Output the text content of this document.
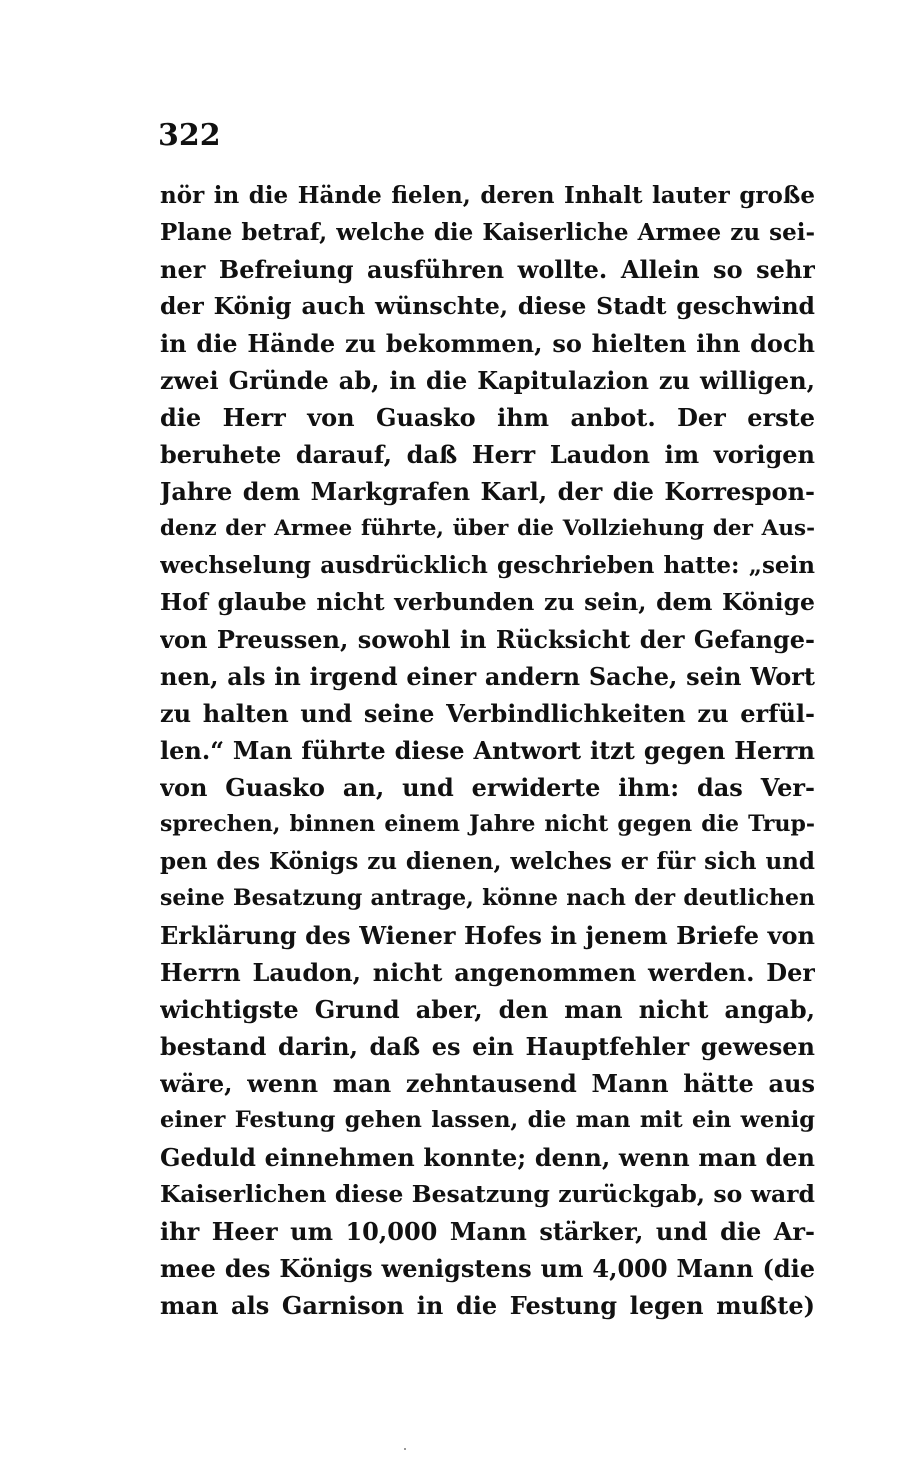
322
nör in die Hände fielen, deren Inhalt lauter große
Plane betraf, welche die Kaiserliche Armee zu sei-
ner Befreiung ausführen wollte. Allein so sehr
der König auch wünschte, diese Stadt geschwind
in die Hände zu bekommen, so hielten ihn doch
zwei Gründe ab, in die Kapitulazion zu willigen,
die Herr von Guasko ihm anbot. Der erste
beruhete darauf, daß Herr Laudon im vorigen
Jahre dem Markgrafen Karl, der die Korrespon-
denz der Armee führte, über die Vollziehung der Aus-
wechselung ausdrücklich geschrieben hatte: „sein
Hof glaube nicht verbunden zu sein, dem Könige
von Preussen, sowohl in Rücksicht der Gefange-
nen, als in irgend einer andern Sache, sein Wort
zu halten und seine Verbindlichkeiten zu erfül-
len.“ Man führte diese Antwort itzt gegen Herrn
von Guasko an, und erwiderte ihm: das Ver-
sprechen, binnen einem Jahre nicht gegen die Trup-
pen des Königs zu dienen, welches er für sich und
seine Besatzung antrage, könne nach der deutlichen
Erklärung des Wiener Hofes in jenem Briefe von
Herrn Laudon, nicht angenommen werden. Der
wichtigste Grund aber, den man nicht angab,
bestand darin, daß es ein Hauptfehler gewesen
wäre, wenn man zehntausend Mann hätte aus
einer Festung gehen lassen, die man mit ein wenig
Geduld einnehmen konnte; denn, wenn man den
Kaiserlichen diese Besatzung zurückgab, so ward
ihr Heer um 10,000 Mann stärker, und die Ar-
mee des Königs wenigstens um 4,000 Mann (die
man als Garnison in die Festung legen mußte)
